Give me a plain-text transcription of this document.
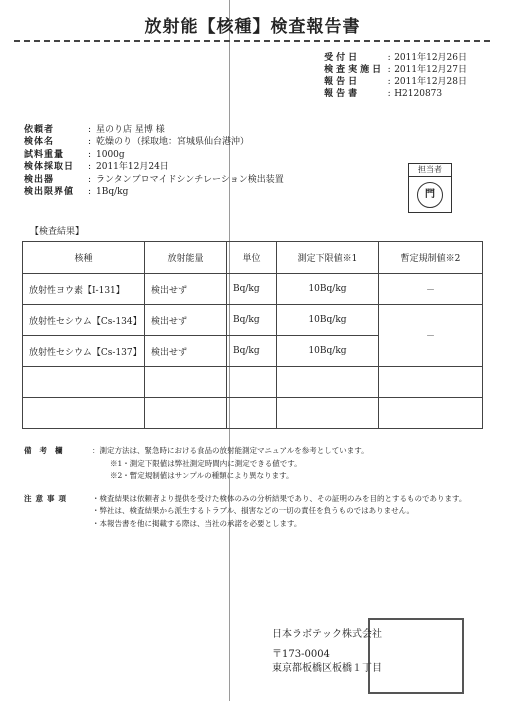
放射能【核種】検査報告書
受付日	:	2011年12月26日
検査実施日	:	2011年12月27日
報告日	:	2011年12月28日
報告書	:	H2120873
依頼者	:	星のり店 星博 様
検体名	:	乾燥のり（採取地：宮城県仙台港沖）
試料重量	:	1000g
検体採取日	:	2011年12月24日
検出器	:	ランタンブロマイドシンチレーション検出装置
検出限界値	:	1Bq/kg
担当者
門
【検査結果】
核種	放射能量	単位	測定下限値※1	暫定規制値※2
放射性ヨウ素【I-131】	検出せず	Bq/kg	10Bq/kg	－
放射性セシウム【Cs-134】	検出せず	Bq/kg	10Bq/kg	－
放射性セシウム【Cs-137】	検出せず	Bq/kg	10Bq/kg	

備考欄	：測定方法は、緊急時における食品の放射能測定マニュアルを参考としています。
※1・測定下限値は弊社測定時間内に測定できる値です。
※2・暫定規制値はサンプルの種類により異なります。

注意事項	・検査結果は依頼者より提供を受けた検体のみの分析結果であり、その証明のみを目的とするものであります。
・弊社は、検査結果から派生するトラブル、損害などの一切の責任を負うものではありません。
・本報告書を他に掲載する際は、当社の承諾を必要とします。
日本ラボテック株式会社
〒173-0004
東京都板橋区板橋１丁目
